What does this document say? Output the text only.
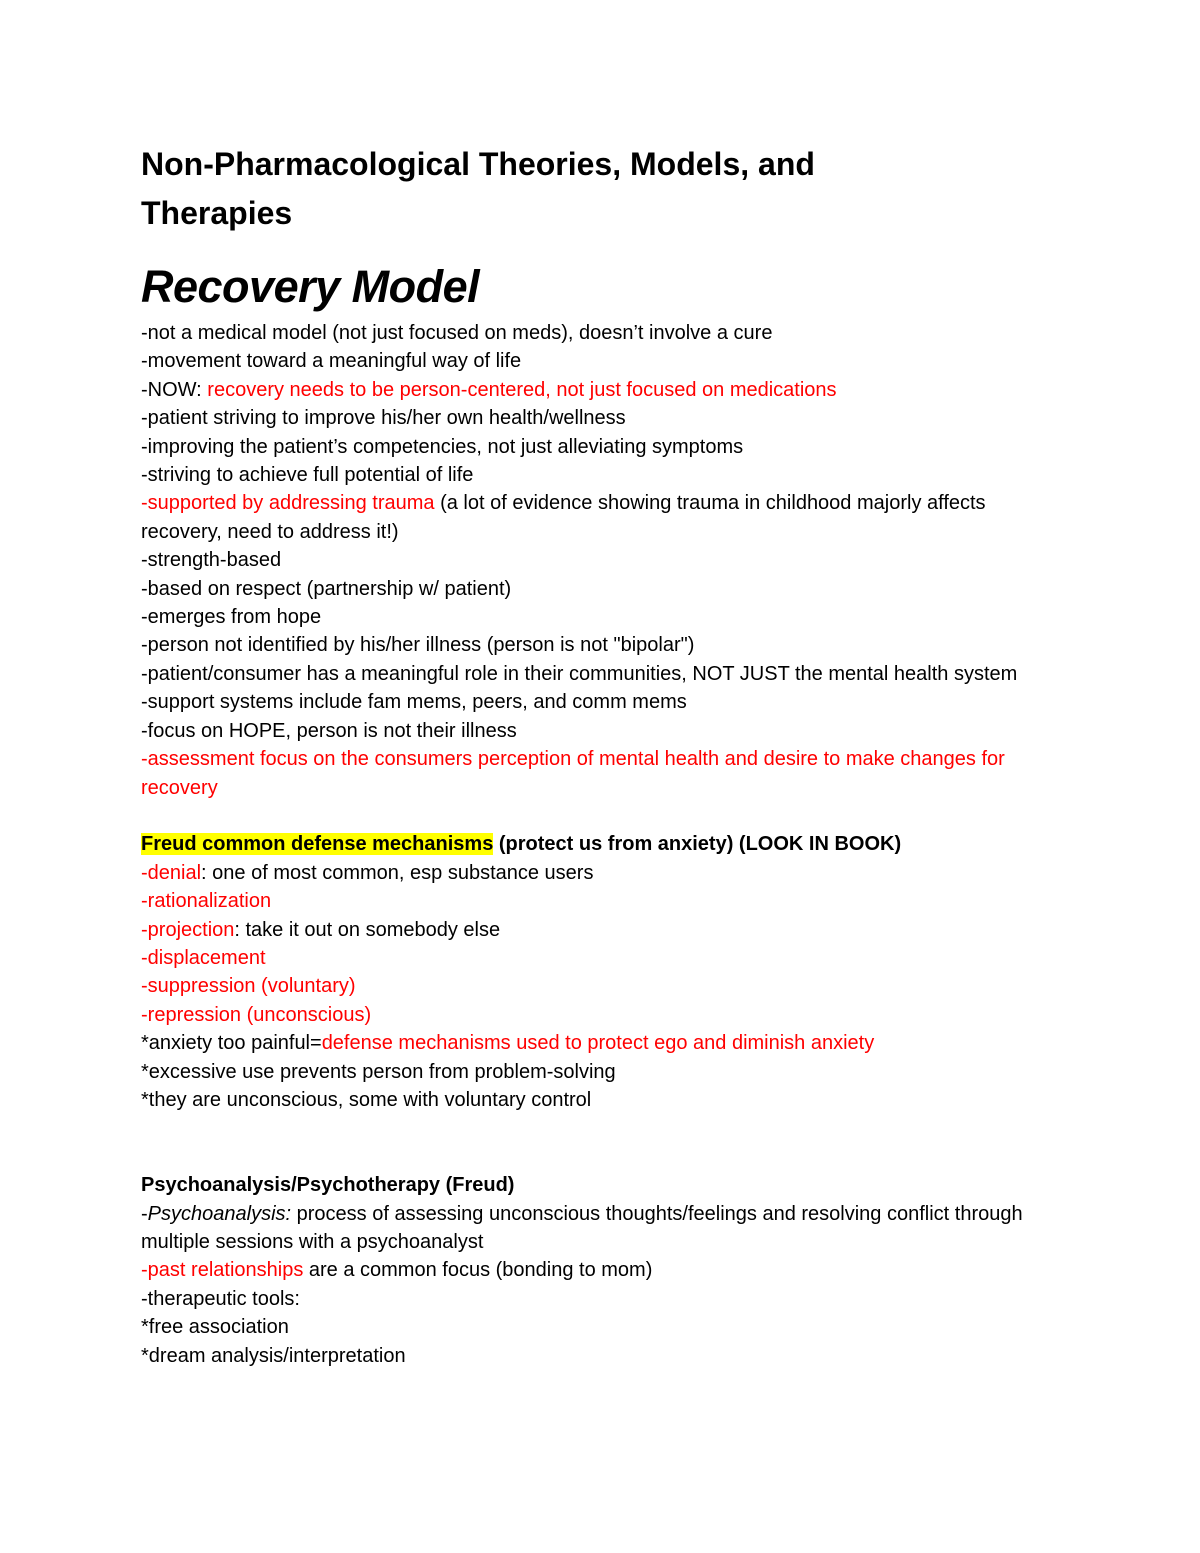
Non-Pharmacological Theories, Models, and
Therapies
Recovery Model

-not a medical model (not just focused on meds), doesn’t involve a cure

-movement toward a meaningful way of life

-NOW: recovery needs to be person-centered, not just focused on medications

-patient striving to improve his/her own health/wellness

-improving the patient’s competencies, not just alleviating symptoms

-striving to achieve full potential of life

-supported by addressing trauma (a lot of evidence showing trauma in childhood majorly affects recovery, need to address it!)

-strength-based

-based on respect (partnership w/ patient)

-emerges from hope

-person not identified by his/her illness (person is not "bipolar")

-patient/consumer has a meaningful role in their communities, NOT JUST the mental health system

-support systems include fam mems, peers, and comm mems

-focus on HOPE, person is not their illness

-assessment focus on the consumers perception of mental health and desire to make changes for recovery

Freud common defense mechanisms (protect us from anxiety) (LOOK IN BOOK)

-denial: one of most common, esp substance users

-rationalization

-projection: take it out on somebody else

-displacement

-suppression (voluntary)

-repression (unconscious)

*anxiety too painful=defense mechanisms used to protect ego and diminish anxiety

*excessive use prevents person from problem-solving

*they are unconscious, some with voluntary control

Psychoanalysis/Psychotherapy (Freud)

-Psychoanalysis: process of assessing unconscious thoughts/feelings and resolving conflict through multiple sessions with a psychoanalyst

-past relationships are a common focus (bonding to mom)

-therapeutic tools:

*free association

*dream analysis/interpretation
